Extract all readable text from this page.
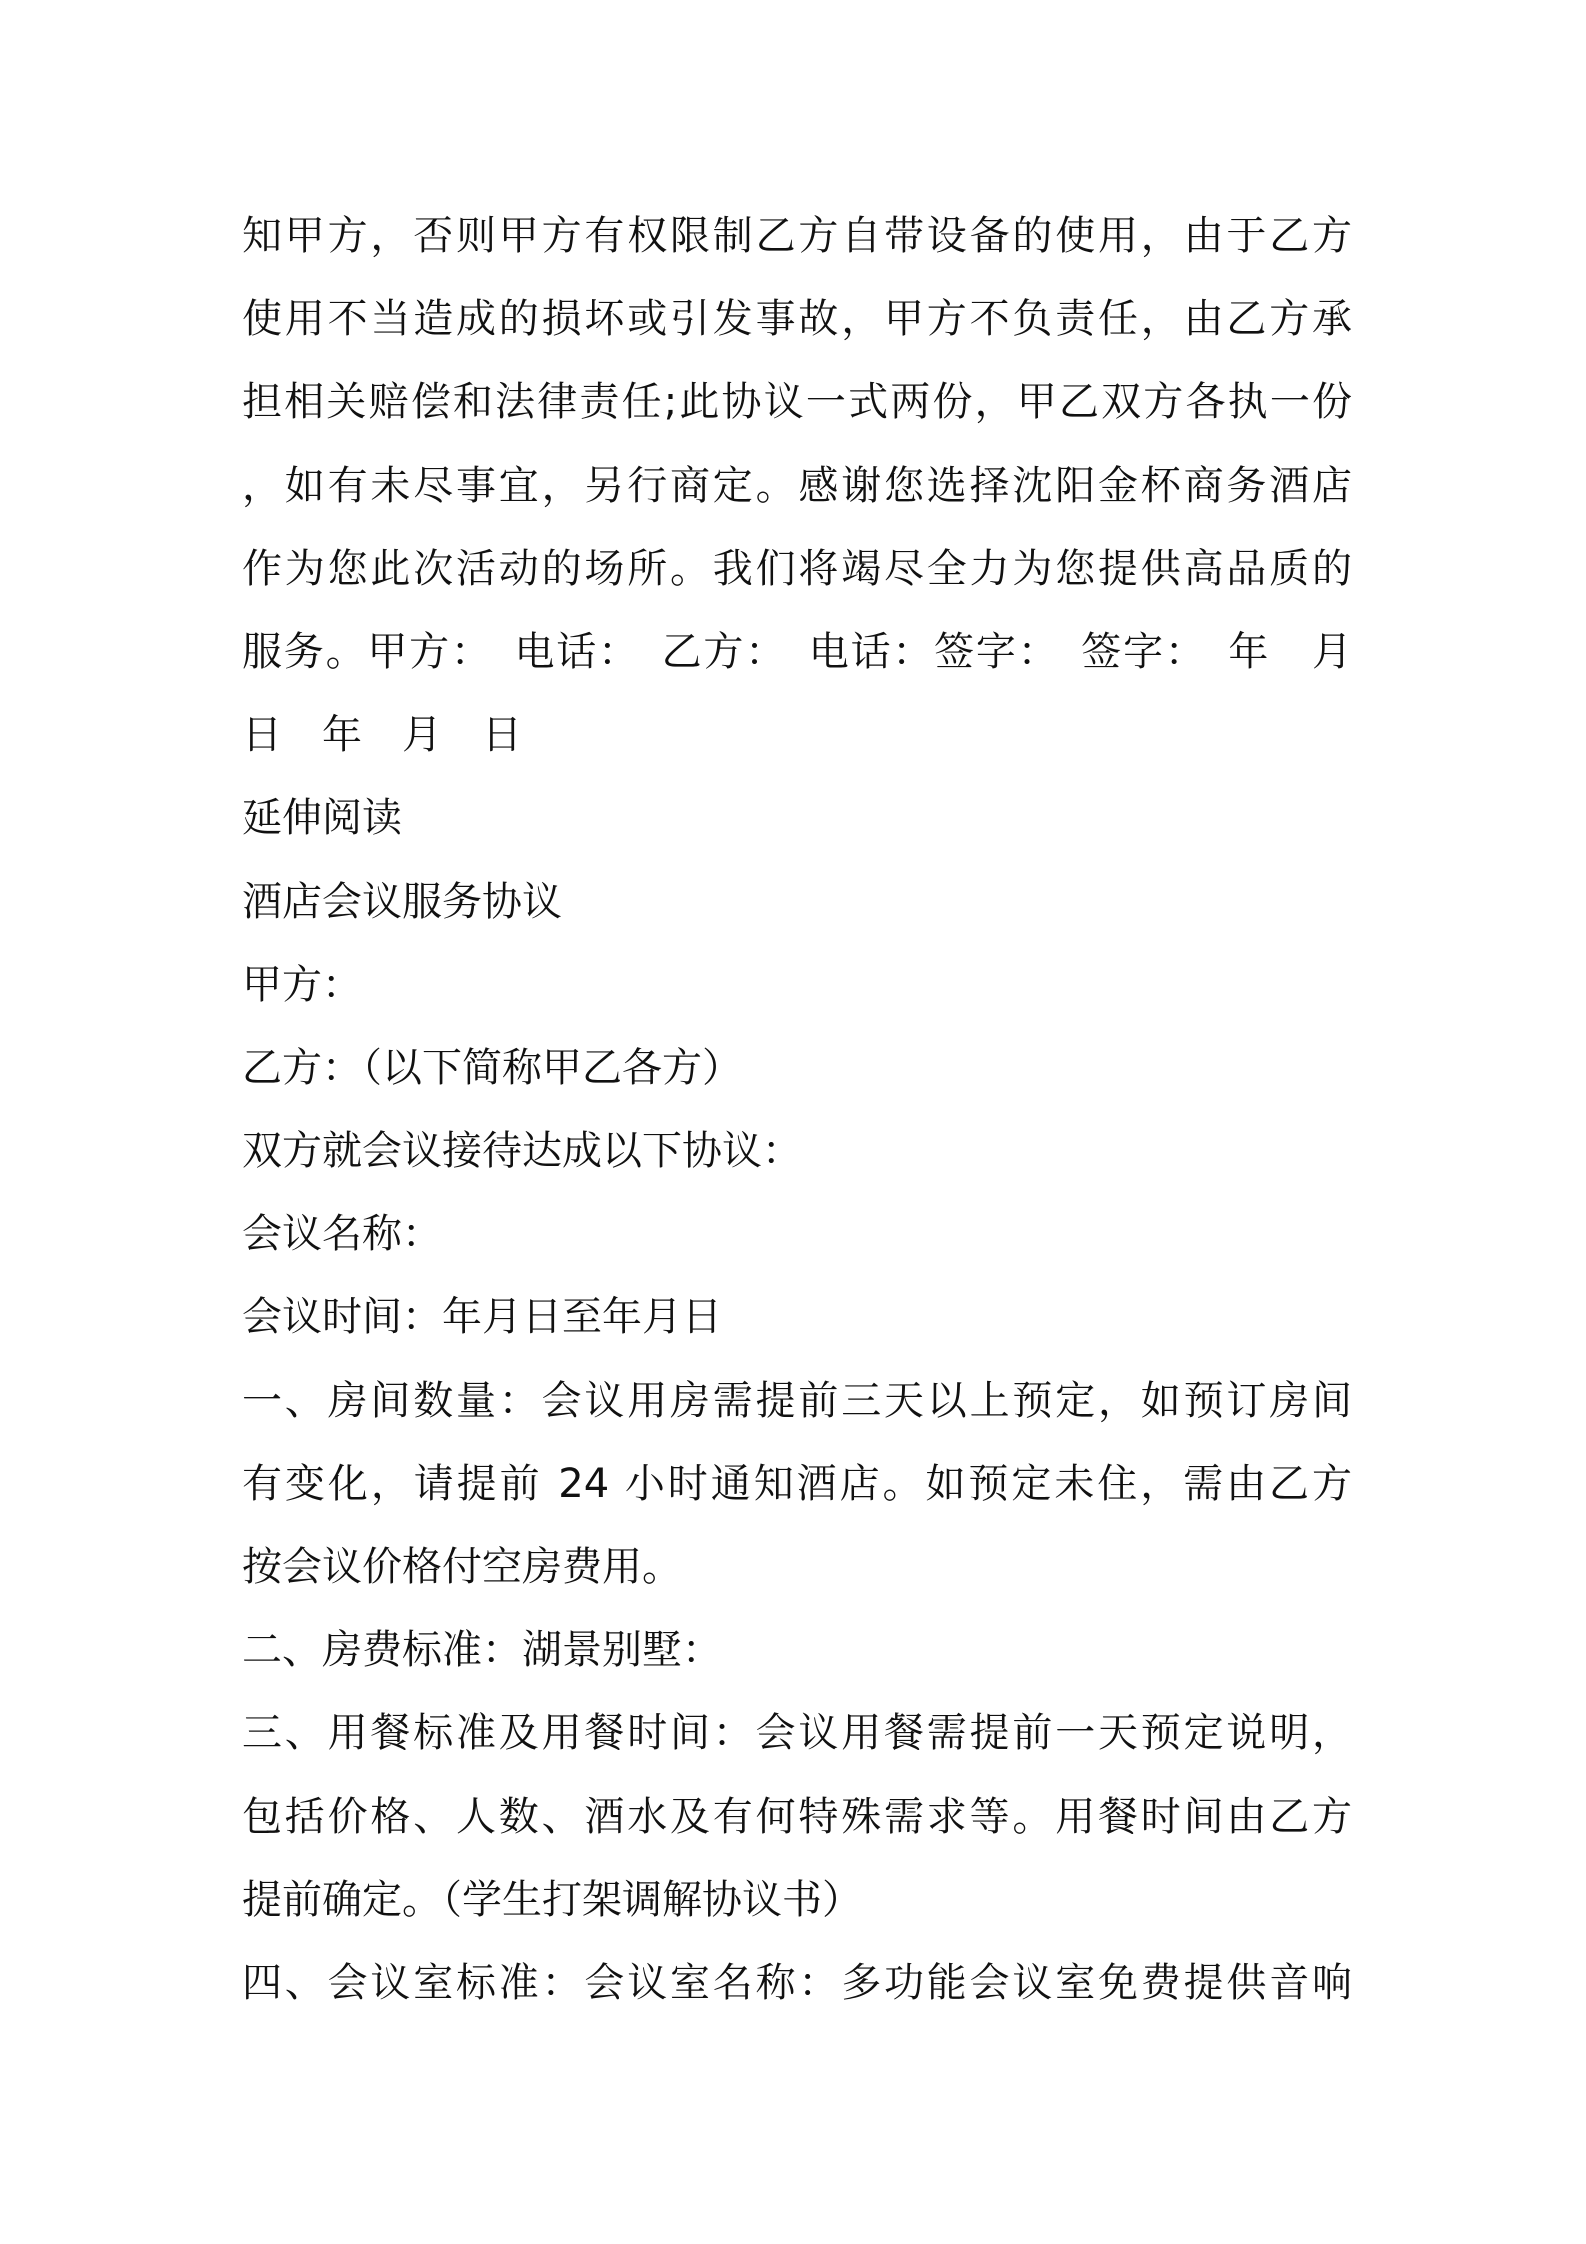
知甲方，否则甲方有权限制乙方自带设备的使用，由于乙方
使用不当造成的损坏或引发事故，甲方不负责任，由乙方承
担相关赔偿和法律责任;此协议一式两份，甲乙双方各执一份
，如有未尽事宜，另行商定。感谢您选择沈阳金杯商务酒店
作为您此次活动的场所。我们将竭尽全力为您提供高品质的
服务。甲方：　电话：　乙方：　电话：签字：　签字：　年　月
日　年　月　日
延伸阅读
酒店会议服务协议
甲方：
乙方：（以下简称甲乙各方）
双方就会议接待达成以下协议：
会议名称：
会议时间：年月日至年月日
一、房间数量：会议用房需提前三天以上预定，如预订房间
有变化，请提前 24 小时通知酒店。如预定未住，需由乙方
按会议价格付空房费用。
二、房费标准：湖景别墅：
三、用餐标准及用餐时间：会议用餐需提前一天预定说明，
包括价格、人数、酒水及有何特殊需求等。用餐时间由乙方
提前确定。（学生打架调解协议书）
四、会议室标准：会议室名称：多功能会议室免费提供音响
